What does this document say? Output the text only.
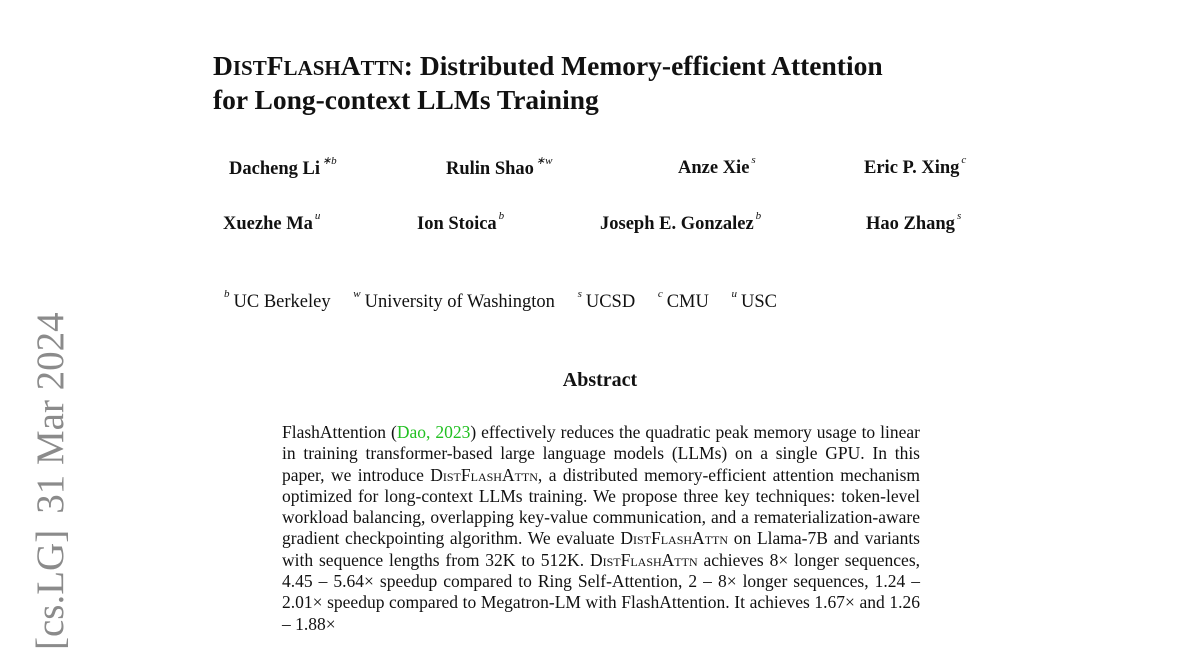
[cs.LG]31 Mar 2024
DISTFLASHATTN: Distributed Memory-efficient Attention
for Long-context LLMs Training
Dacheng Li $^{∗b}$	Rulin Shao $^{∗w}$	Anze Xie $^s$	Eric P. Xing $^c$
Xuezhe Ma $^u$	Ion Stoica $^b$	Joseph E. Gonzalez $^b$	Hao Zhang $^s$
$^b$ UC Berkeley $^w$ University of Washington $^s$ UCSD $^c$ CMU $^u$ USC
Abstract
FlashAttention (Dao, 2023) effectively reduces the quadratic peak memory usage to linear in training transformer-based large language models (LLMs) on a single GPU. In this paper, we introduce DistFlashAttn, a distributed memory-efficient attention mechanism optimized for long-context LLMs training. We propose three key techniques: token-level workload balancing, overlapping key-value communication, and a rematerialization-aware gradient checkpointing algorithm. We evaluate DistFlashAttn on Llama-7B and variants with sequence lengths from 32K to 512K. DistFlashAttn achieves 8× longer sequences, 4.45 – 5.64× speedup compared to Ring Self-Attention, 2 – 8× longer sequences, 1.24 – 2.01× speedup compared to Megatron-LM with FlashAttention. It achieves 1.67× and 1.26 – 1.88×
